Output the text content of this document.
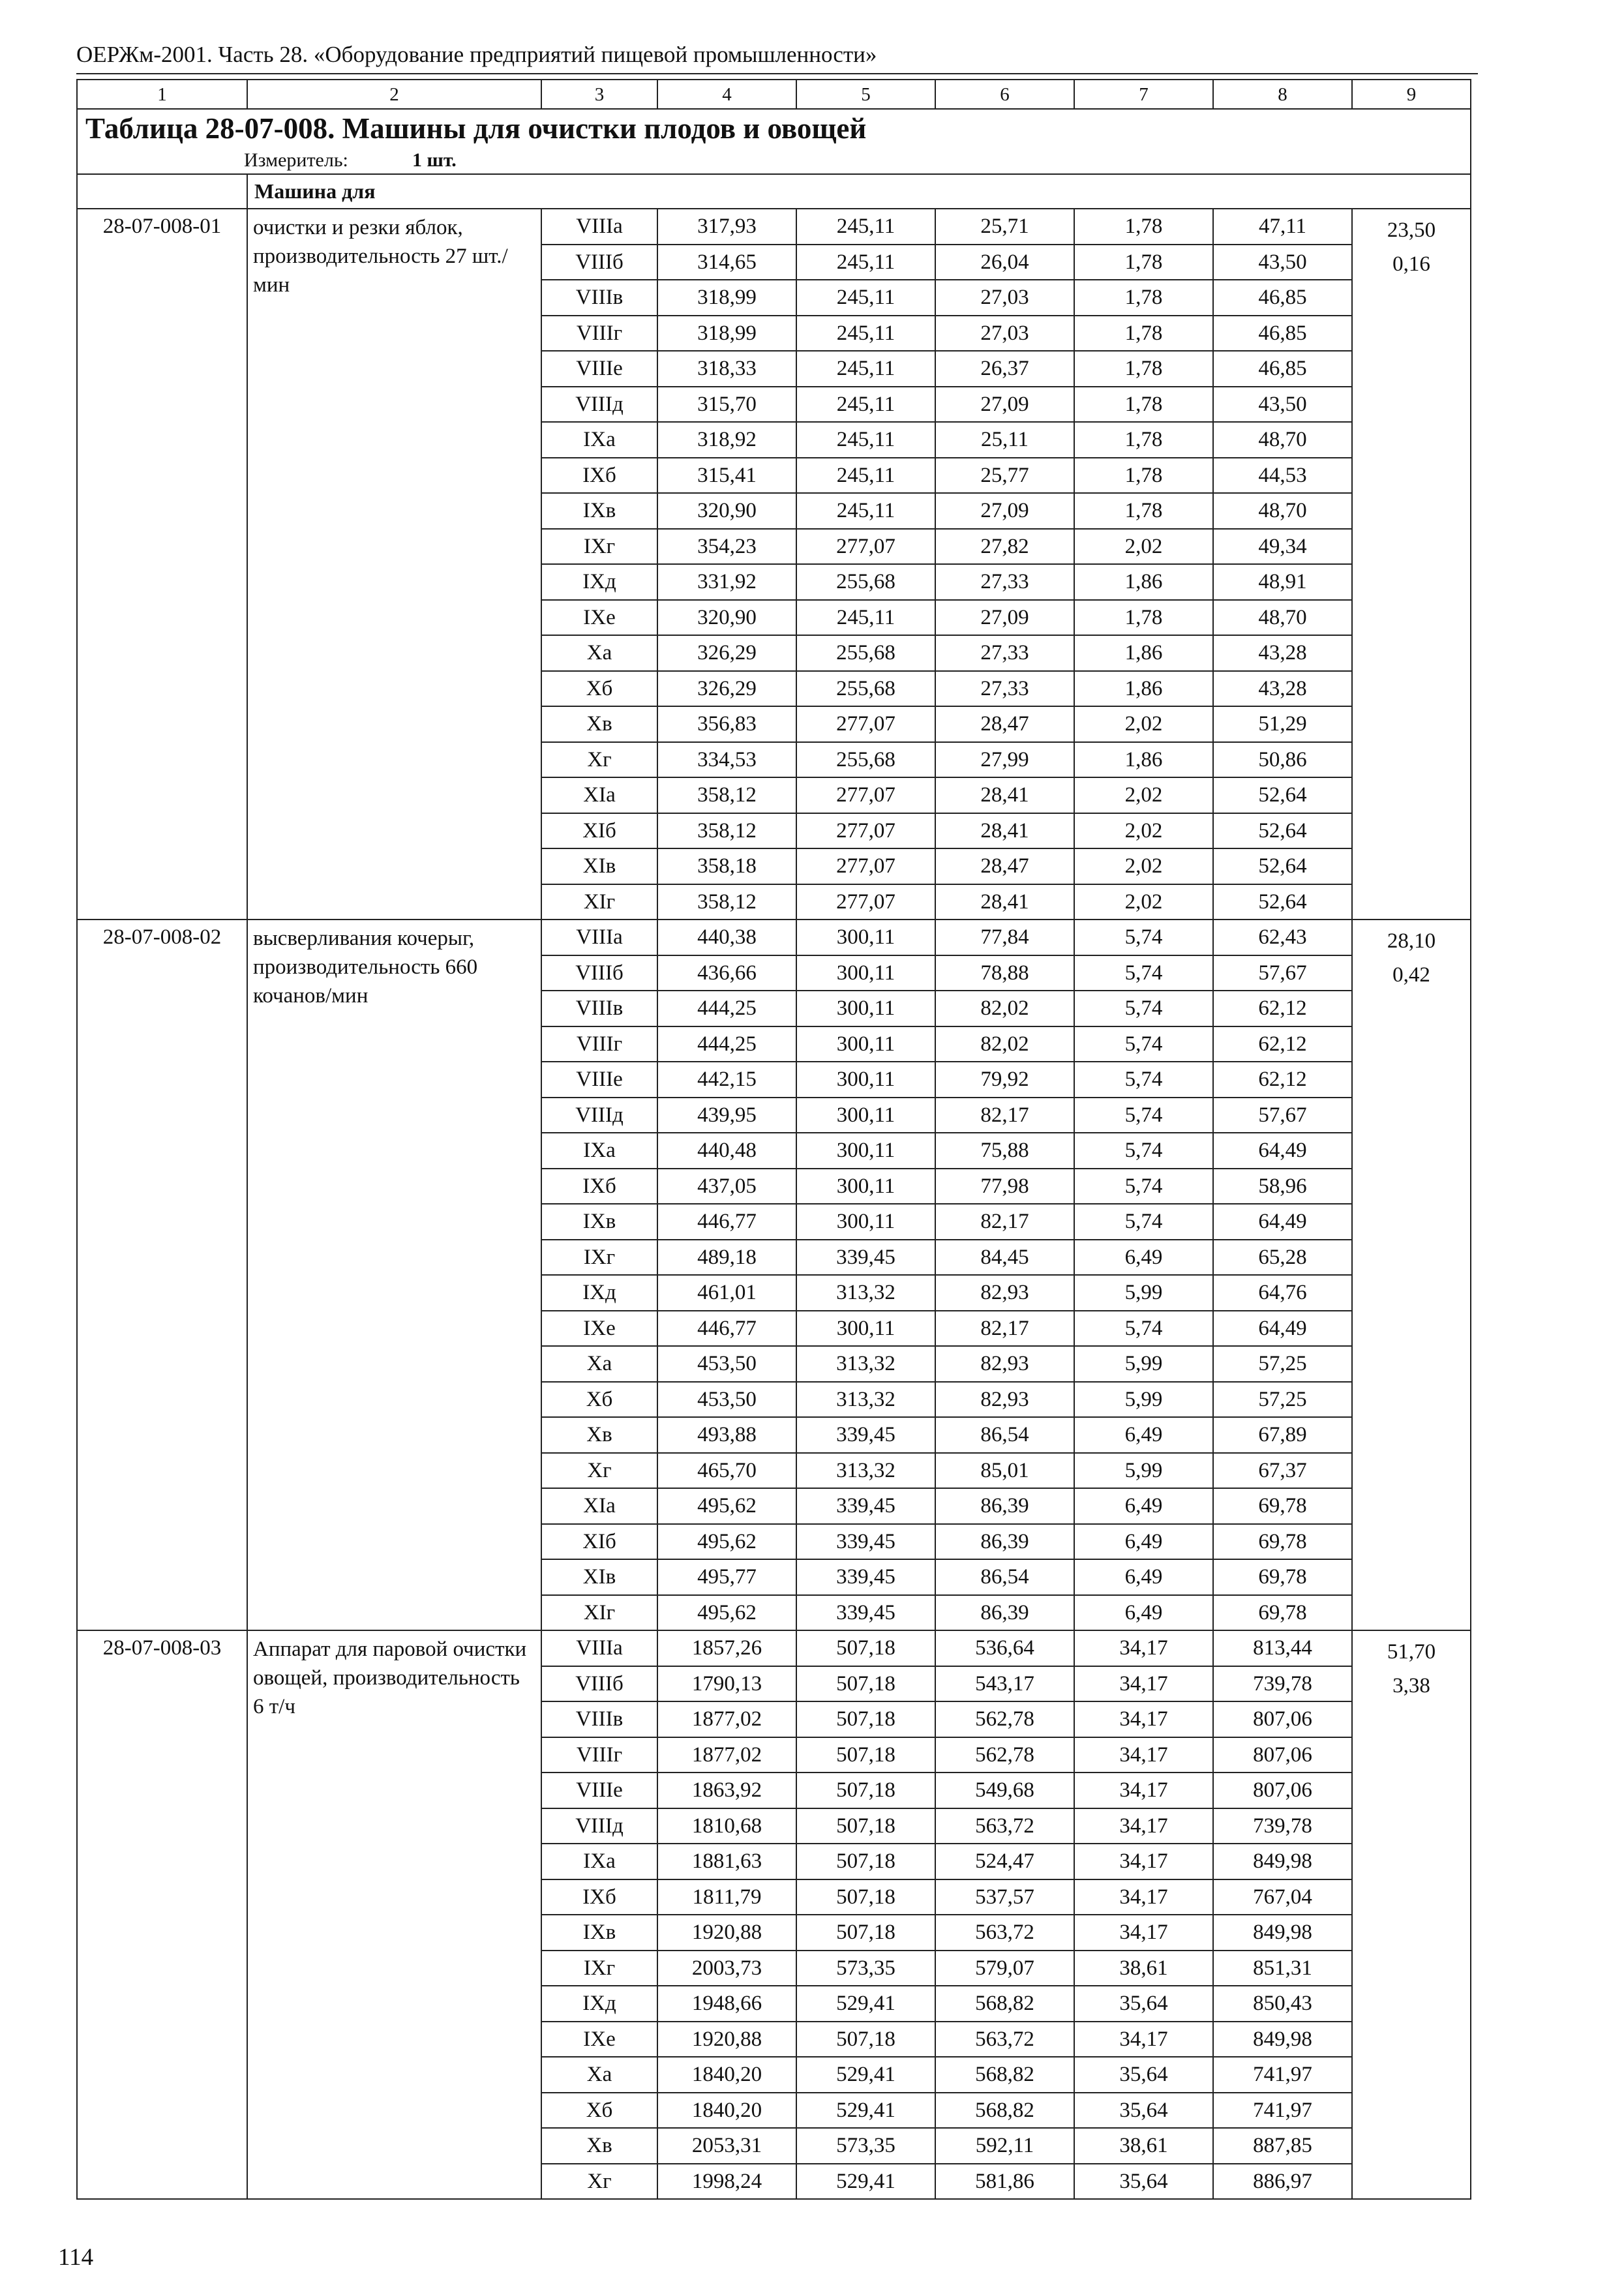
ОЕРЖм-2001. Часть 28. «Оборудование предприятий пищевой промышленности»
1	2	3	4	5	6	7	8	9
Таблица 28-07-008. Машины для очистки плодов и овощей								
Измеритель: 1 шт.								
	Машина для							
28-07-008-01	очистки и резки яблок, производительность 27 шт./мин	VIIIa	317,93	245,11	25,71	1,78	47,11	23,50
0,16

		VIIIб	314,65	245,11	26,04	1,78	43,50	
		VIIIв	318,99	245,11	27,03	1,78	46,85	
		VIIIг	318,99	245,11	27,03	1,78	46,85	
		VIIIe	318,33	245,11	26,37	1,78	46,85	
		VIIIд	315,70	245,11	27,09	1,78	43,50	
		IXa	318,92	245,11	25,11	1,78	48,70	
		IXб	315,41	245,11	25,77	1,78	44,53	
		IXв	320,90	245,11	27,09	1,78	48,70	
		IXг	354,23	277,07	27,82	2,02	49,34	
		IXд	331,92	255,68	27,33	1,86	48,91	
		IXe	320,90	245,11	27,09	1,78	48,70	
		Xa	326,29	255,68	27,33	1,86	43,28	
		Xб	326,29	255,68	27,33	1,86	43,28	
		Xв	356,83	277,07	28,47	2,02	51,29	
		Xг	334,53	255,68	27,99	1,86	50,86	
		XIa	358,12	277,07	28,41	2,02	52,64	
		XIб	358,12	277,07	28,41	2,02	52,64	
		XIв	358,18	277,07	28,47	2,02	52,64	
		XIг	358,12	277,07	28,41	2,02	52,64	
28-07-008-02	высверливания кочерыг, производительность 660 кочанов/мин	VIIIa	440,38	300,11	77,84	5,74	62,43	28,10
0,42

		VIIIб	436,66	300,11	78,88	5,74	57,67	
		VIIIв	444,25	300,11	82,02	5,74	62,12	
		VIIIг	444,25	300,11	82,02	5,74	62,12	
		VIIIe	442,15	300,11	79,92	5,74	62,12	
		VIIIд	439,95	300,11	82,17	5,74	57,67	
		IXa	440,48	300,11	75,88	5,74	64,49	
		IXб	437,05	300,11	77,98	5,74	58,96	
		IXв	446,77	300,11	82,17	5,74	64,49	
		IXг	489,18	339,45	84,45	6,49	65,28	
		IXд	461,01	313,32	82,93	5,99	64,76	
		IXe	446,77	300,11	82,17	5,74	64,49	
		Xa	453,50	313,32	82,93	5,99	57,25	
		Xб	453,50	313,32	82,93	5,99	57,25	
		Xв	493,88	339,45	86,54	6,49	67,89	
		Xг	465,70	313,32	85,01	5,99	67,37	
		XIa	495,62	339,45	86,39	6,49	69,78	
		XIб	495,62	339,45	86,39	6,49	69,78	
		XIв	495,77	339,45	86,54	6,49	69,78	
		XIг	495,62	339,45	86,39	6,49	69,78	
28-07-008-03	Аппарат для паровой очистки овощей, производительность 6 т/ч	VIIIa	1857,26	507,18	536,64	34,17	813,44	51,70
3,38

		VIIIб	1790,13	507,18	543,17	34,17	739,78	
		VIIIв	1877,02	507,18	562,78	34,17	807,06	
		VIIIг	1877,02	507,18	562,78	34,17	807,06	
		VIIIe	1863,92	507,18	549,68	34,17	807,06	
		VIIIд	1810,68	507,18	563,72	34,17	739,78	
		IXa	1881,63	507,18	524,47	34,17	849,98	
		IXб	1811,79	507,18	537,57	34,17	767,04	
		IXв	1920,88	507,18	563,72	34,17	849,98	
		IXг	2003,73	573,35	579,07	38,61	851,31	
		IXд	1948,66	529,41	568,82	35,64	850,43	
		IXe	1920,88	507,18	563,72	34,17	849,98	
		Xa	1840,20	529,41	568,82	35,64	741,97	
		Xб	1840,20	529,41	568,82	35,64	741,97	
		Xв	2053,31	573,35	592,11	38,61	887,85	
		Xг	1998,24	529,41	581,86	35,64	886,97	
114
